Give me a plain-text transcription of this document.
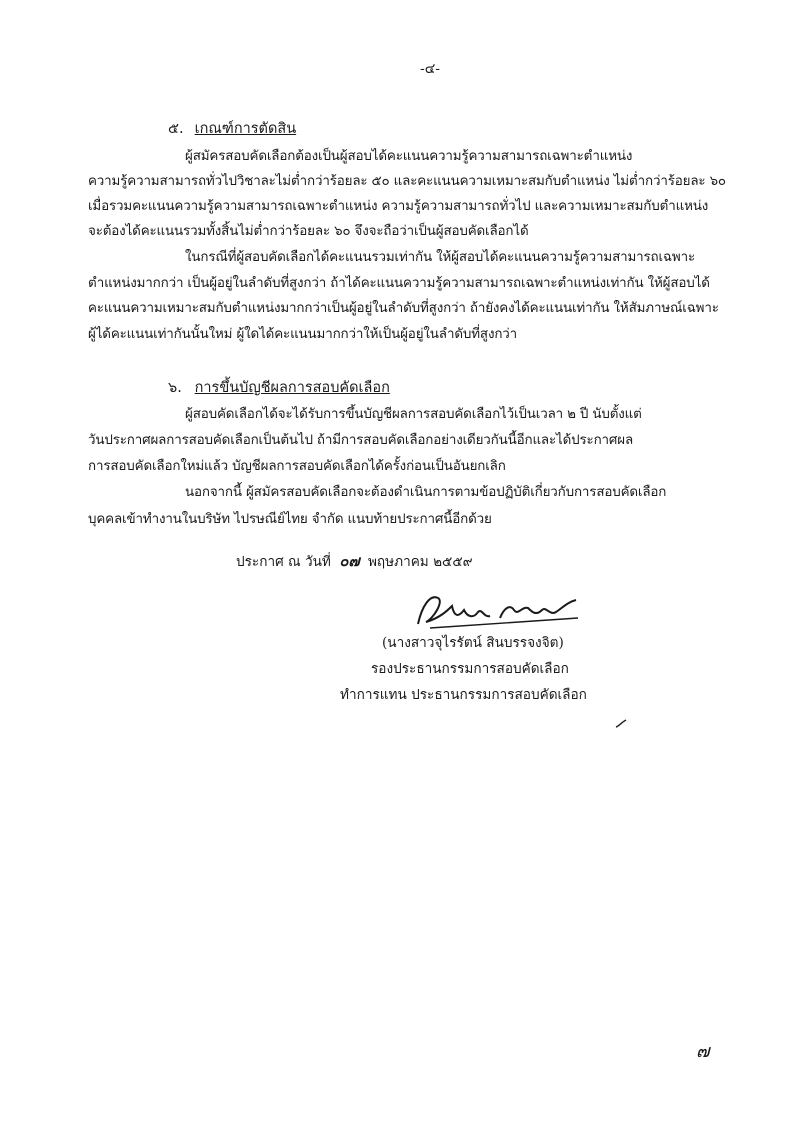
-๔-
๕. เกณฑ์การตัดสิน
ผู้สมัครสอบคัดเลือกต้องเป็นผู้สอบได้คะแนนความรู้ความสามารถเฉพาะตำแหน่ง
ความรู้ความสามารถทั่วไปวิชาละไม่ต่ำกว่าร้อยละ ๕๐ และคะแนนความเหมาะสมกับตำแหน่ง ไม่ต่ำกว่าร้อยละ ๖๐
เมื่อรวมคะแนนความรู้ความสามารถเฉพาะตำแหน่ง ความรู้ความสามารถทั่วไป และความเหมาะสมกับตำแหน่ง
จะต้องได้คะแนนรวมทั้งสิ้นไม่ต่ำกว่าร้อยละ ๖๐ จึงจะถือว่าเป็นผู้สอบคัดเลือกได้
ในกรณีที่ผู้สอบคัดเลือกได้คะแนนรวมเท่ากัน ให้ผู้สอบได้คะแนนความรู้ความสามารถเฉพาะ
ตำแหน่งมากกว่า เป็นผู้อยู่ในลำดับที่สูงกว่า ถ้าได้คะแนนความรู้ความสามารถเฉพาะตำแหน่งเท่ากัน ให้ผู้สอบได้
คะแนนความเหมาะสมกับตำแหน่งมากกว่าเป็นผู้อยู่ในลำดับที่สูงกว่า ถ้ายังคงได้คะแนนเท่ากัน ให้สัมภาษณ์เฉพาะ
ผู้ได้คะแนนเท่ากันนั้นใหม่ ผู้ใดได้คะแนนมากกว่าให้เป็นผู้อยู่ในลำดับที่สูงกว่า
๖. การขึ้นบัญชีผลการสอบคัดเลือก
ผู้สอบคัดเลือกได้จะได้รับการขึ้นบัญชีผลการสอบคัดเลือกไว้เป็นเวลา ๒ ปี นับตั้งแต่
วันประกาศผลการสอบคัดเลือกเป็นต้นไป ถ้ามีการสอบคัดเลือกอย่างเดียวกันนี้อีกและได้ประกาศผล
การสอบคัดเลือกใหม่แล้ว บัญชีผลการสอบคัดเลือกได้ครั้งก่อนเป็นอันยกเลิก
นอกจากนี้ ผู้สมัครสอบคัดเลือกจะต้องดำเนินการตามข้อปฏิบัติเกี่ยวกับการสอบคัดเลือก
บุคคลเข้าทำงานในบริษัท ไปรษณีย์ไทย จำกัด แนบท้ายประกาศนี้อีกด้วย
ประกาศ ณ วันที่ ๐๗ พฤษภาคม ๒๕๕๙
(นางสาวจุไรรัตน์ สินบรรจงจิต)
รองประธานกรรมการสอบคัดเลือก
ทำการแทน ประธานกรรมการสอบคัดเลือก
๗
